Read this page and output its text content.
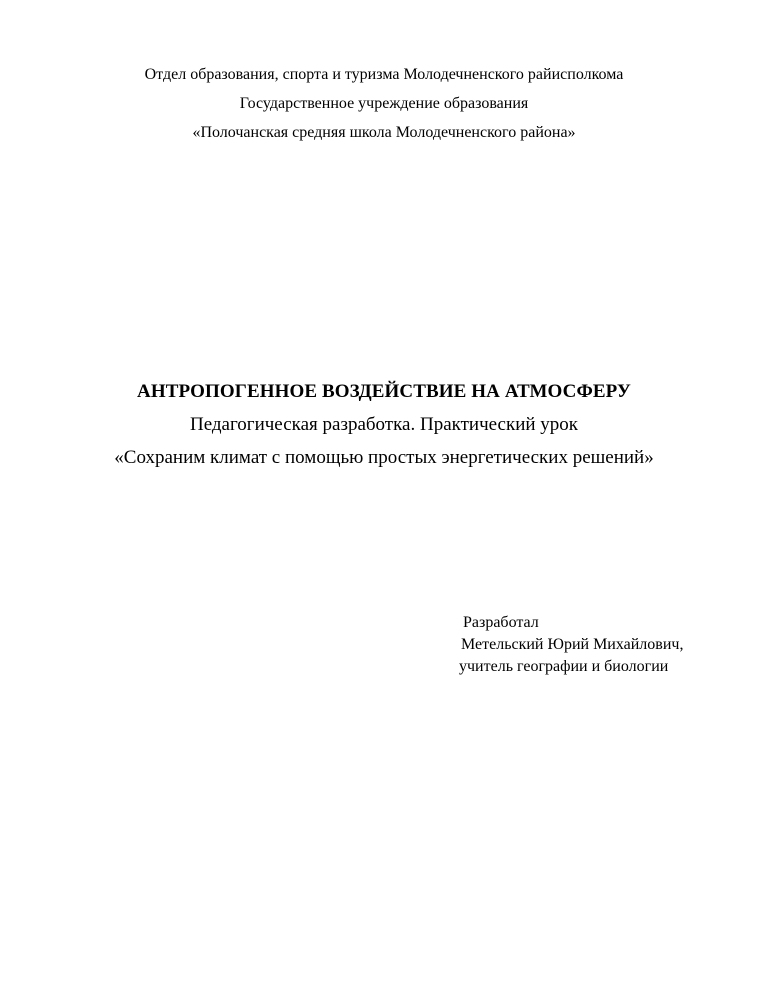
Отдел образования, спорта и туризма Молодечненского райисполкома
Государственное учреждение образования
«Полочанская средняя школа Молодечненского района»
АНТРОПОГЕННОЕ ВОЗДЕЙСТВИЕ НА АТМОСФЕРУ
Педагогическая разработка. Практический урок
«Сохраним климат с помощью простых энергетических решений»
Разработал
Метельский Юрий Михайлович,
учитель географии и биологии
